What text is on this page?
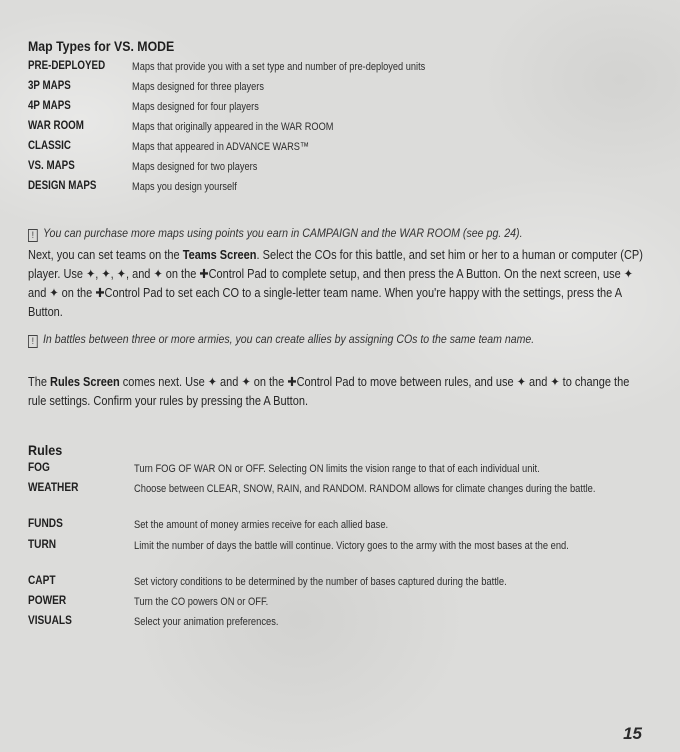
Map Types for VS. MODE
PRE-DEPLOYED	Maps that provide you with a set type and number of pre-deployed units
3P MAPS	Maps designed for three players
4P MAPS	Maps designed for four players
WAR ROOM	Maps that originally appeared in the WAR ROOM
CLASSIC	Maps that appeared in ADVANCE WARS™
VS. MAPS	Maps designed for two players
DESIGN MAPS	Maps you design yourself
! You can purchase more maps using points you earn in CAMPAIGN and the WAR ROOM (see pg. 24).
Next, you can set teams on the Teams Screen. Select the COs for this battle, and set him or her to a human or computer (CP) player. Use ✦, ✦, ✦, and ✦ on the ✚Control Pad to complete setup, and then press the A Button. On the next screen, use ✦ and ✦ on the ✚Control Pad to set each CO to a single-letter team name. When you're happy with the settings, press the A Button.
! In battles between three or more armies, you can create allies by assigning COs to the same team name.
The Rules Screen comes next. Use ✦ and ✦ on the ✚Control Pad to move between rules, and use ✦ and ✦ to change the rule settings. Confirm your rules by pressing the A Button.
Rules
FOG	Turn FOG OF WAR ON or OFF. Selecting ON limits the vision range to that of each individual unit.
WEATHER	Choose between CLEAR, SNOW, RAIN, and RANDOM. RANDOM allows for climate changes during the battle.
FUNDS	Set the amount of money armies receive for each allied base.
TURN	Limit the number of days the battle will continue. Victory goes to the army with the most bases at the end.
CAPT	Set victory conditions to be determined by the number of bases captured during the battle.
POWER	Turn the CO powers ON or OFF.
VISUALS	Select your animation preferences.
15
